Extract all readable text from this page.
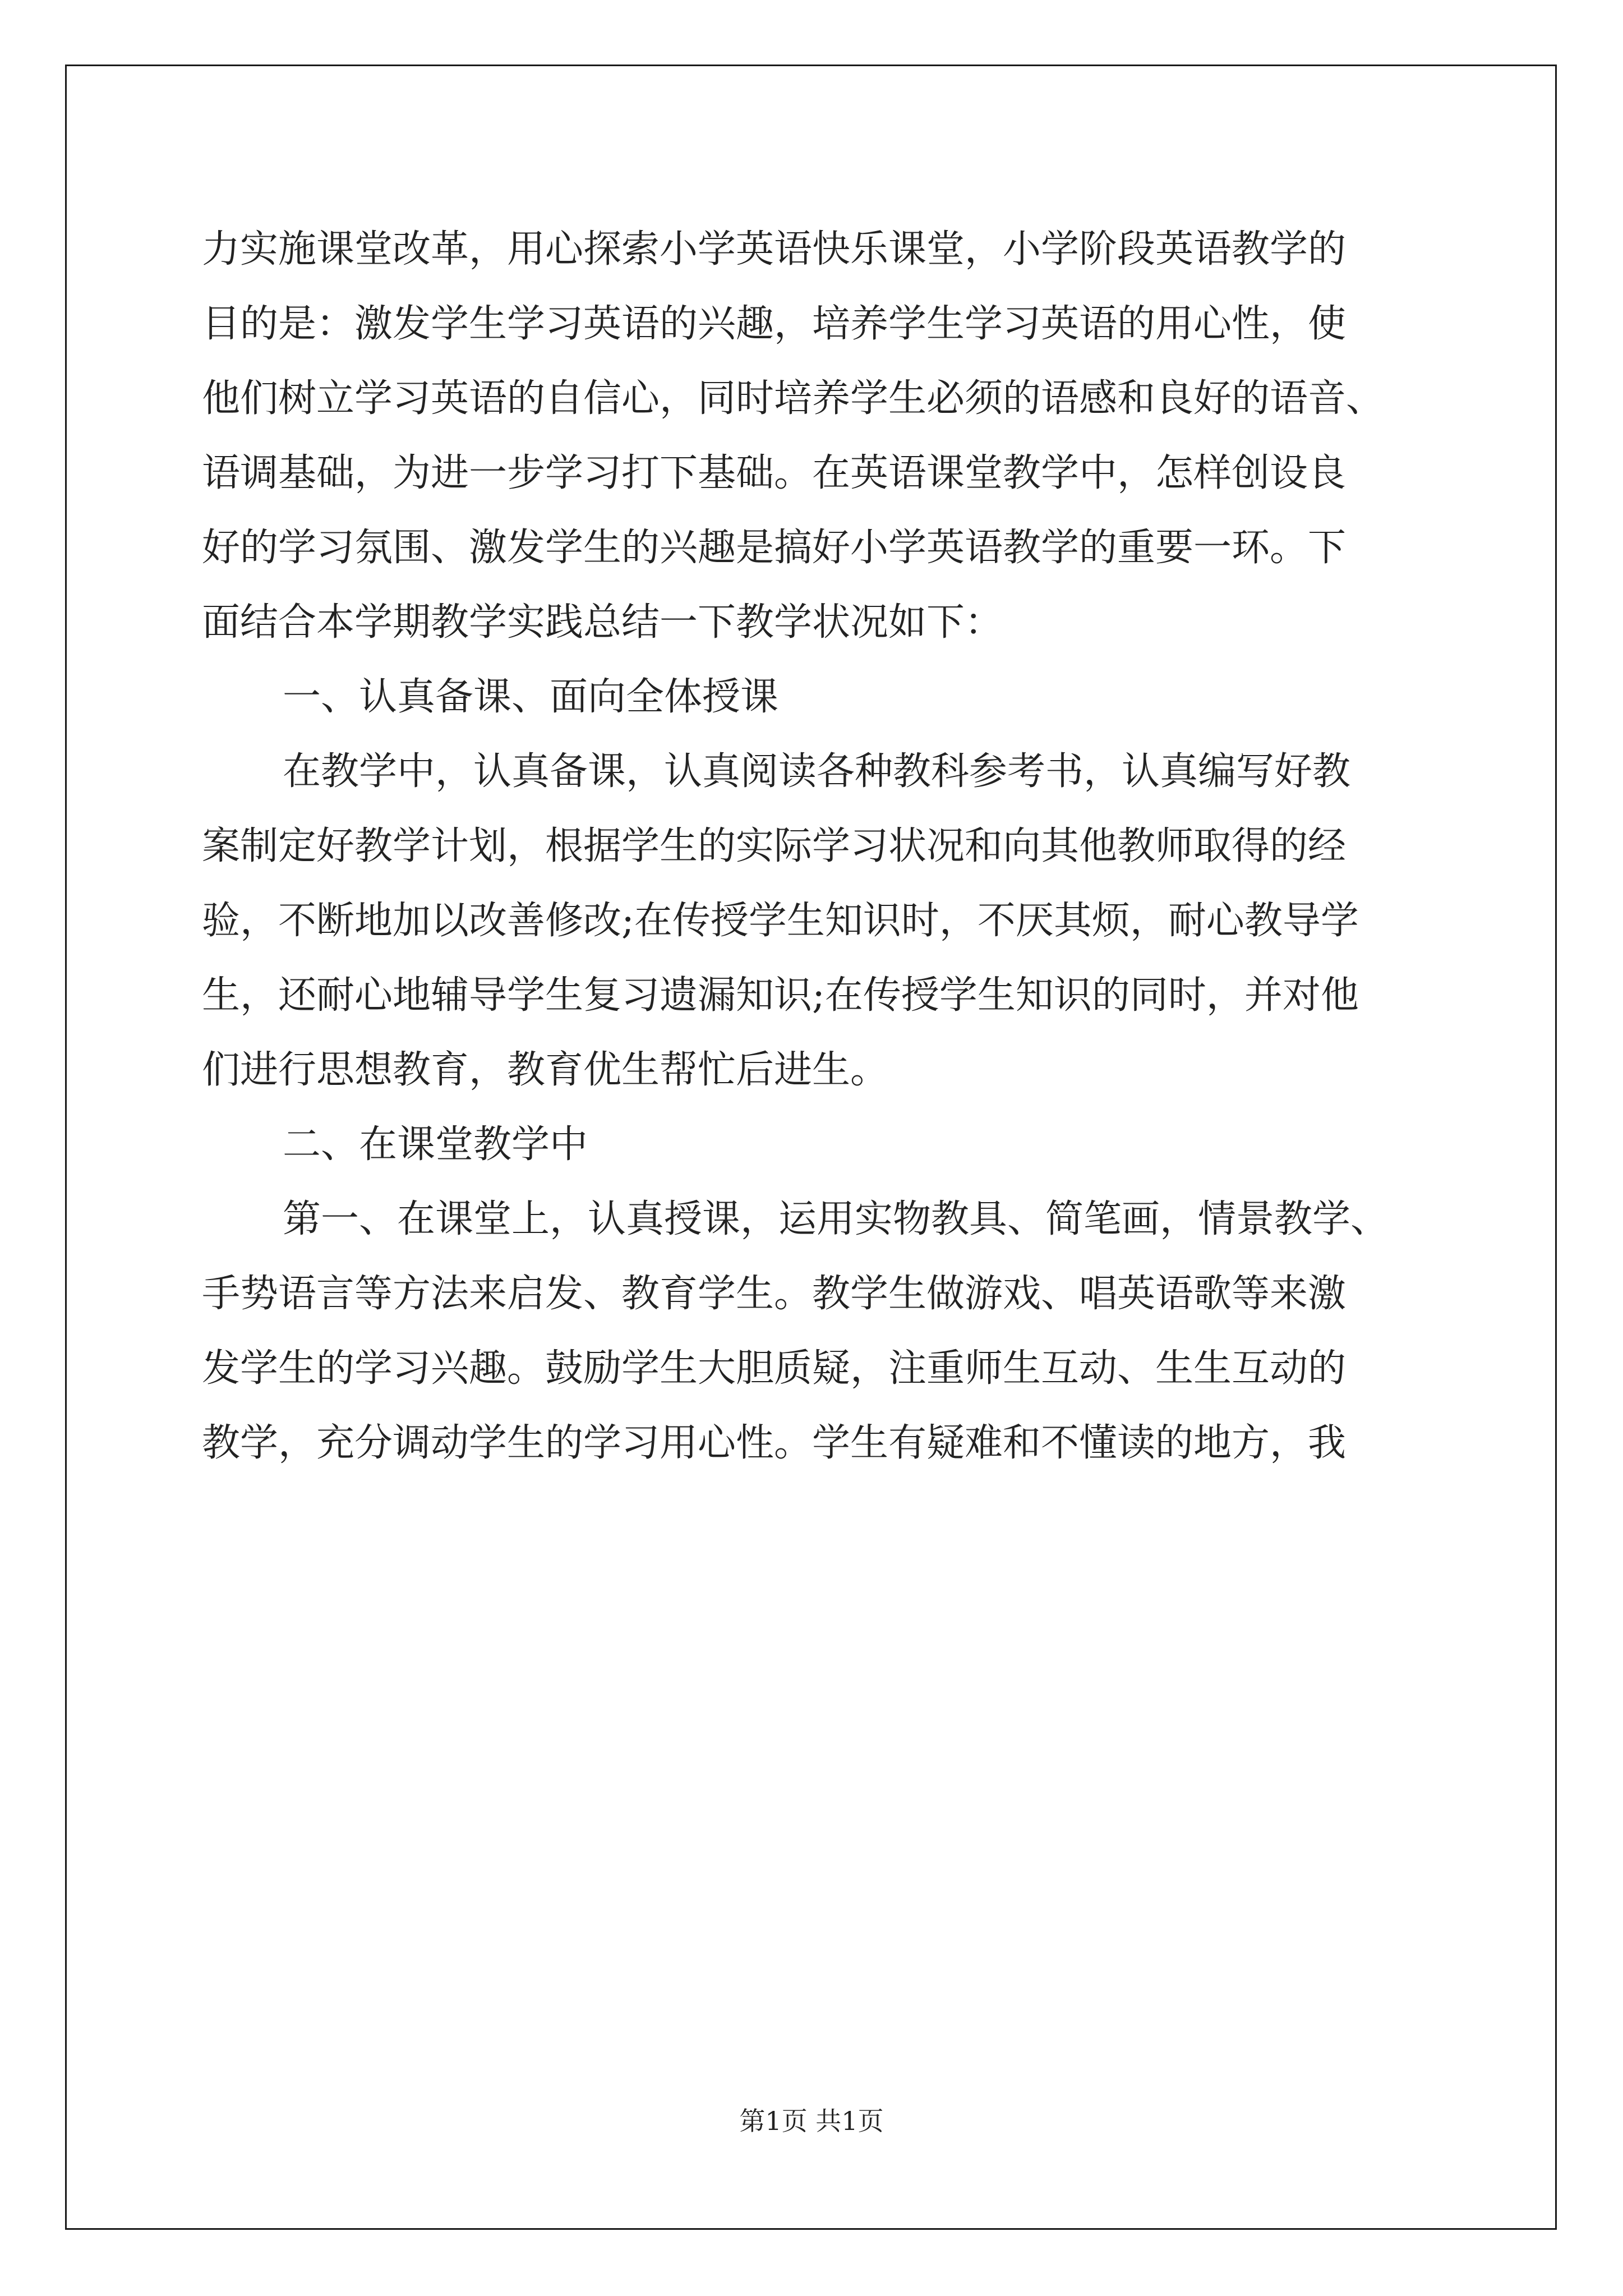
力实施课堂改革，用心探索小学英语快乐课堂，小学阶段英语教学的
目的是：激发学生学习英语的兴趣，培养学生学习英语的用心性，使
他们树立学习英语的自信心，同时培养学生必须的语感和良好的语音、
语调基础，为进一步学习打下基础。在英语课堂教学中，怎样创设良
好的学习氛围、激发学生的兴趣是搞好小学英语教学的重要一环。下
面结合本学期教学实践总结一下教学状况如下：
一、认真备课、面向全体授课
在教学中，认真备课，认真阅读各种教科参考书，认真编写好教
案制定好教学计划，根据学生的实际学习状况和向其他教师取得的经
验，不断地加以改善修改;在传授学生知识时，不厌其烦，耐心教导学
生，还耐心地辅导学生复习遗漏知识;在传授学生知识的同时，并对他
们进行思想教育，教育优生帮忙后进生。
二、在课堂教学中
第一、在课堂上，认真授课，运用实物教具、简笔画，情景教学、
手势语言等方法来启发、教育学生。教学生做游戏、唱英语歌等来激
发学生的学习兴趣。鼓励学生大胆质疑，注重师生互动、生生互动的
教学，充分调动学生的学习用心性。学生有疑难和不懂读的地方，我
第1页 共1页
